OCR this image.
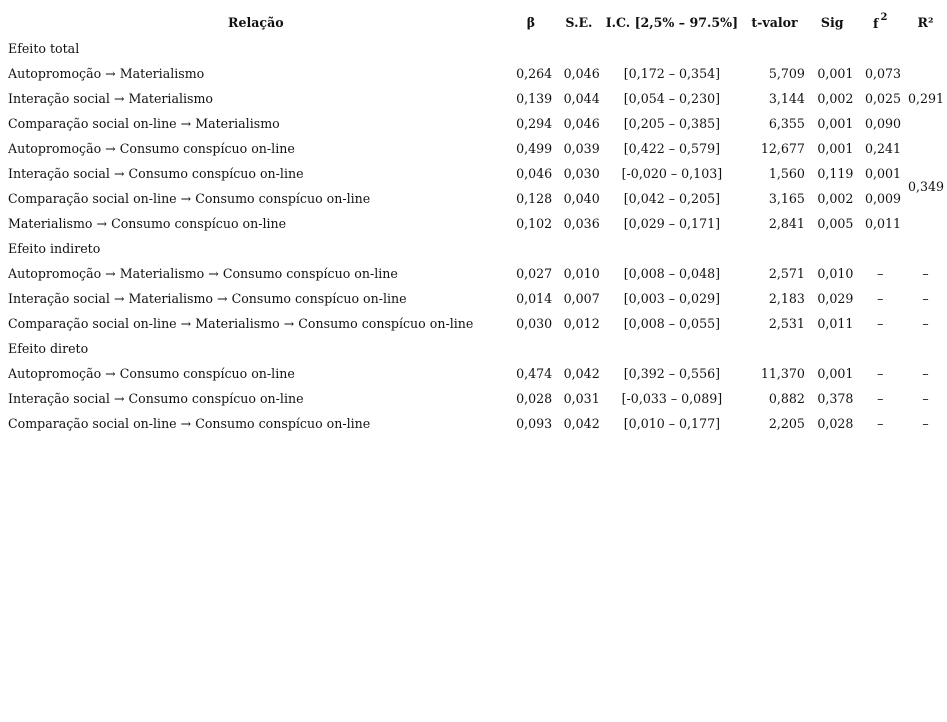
Relação	β	S.E.	I.C. [2,5% – 97.5%]	t-valor	Sig	f $^2$	R²
Efeito total							
Autopromoção → Materialismo	0,264	0,046	[0,172 – 0,354]	5,709	0,001	0,073	0,291
Interação social → Materialismo	0,139	0,044	[0,054 – 0,230]	3,144	0,002	0,025	
Comparação social on-line → Materialismo	0,294	0,046	[0,205 – 0,385]	6,355	0,001	0,090	
Autopromoção → Consumo conspícuo on-line	0,499	0,039	[0,422 – 0,579]	12,677	0,001	0,241	0,349
Interação social → Consumo conspícuo on-line	0,046	0,030	[-0,020 – 0,103]	1,560	0,119	0,001	
Comparação social on-line → Consumo conspícuo on-line	0,128	0,040	[0,042 – 0,205]	3,165	0,002	0,009	
Materialismo → Consumo conspícuo on-line	0,102	0,036	[0,029 – 0,171]	2,841	0,005	0,011	
Efeito indireto							
Autopromoção → Materialismo → Consumo conspícuo on-line	0,027	0,010	[0,008 – 0,048]	2,571	0,010	–	–
Interação social → Materialismo → Consumo conspícuo on-line	0,014	0,007	[0,003 – 0,029]	2,183	0,029	–	–
Comparação social on-line → Materialismo → Consumo conspícuo on-line	0,030	0,012	[0,008 – 0,055]	2,531	0,011	–	–
Efeito direto							
Autopromoção → Consumo conspícuo on-line	0,474	0,042	[0,392 – 0,556]	11,370	0,001	–	–
Interação social → Consumo conspícuo on-line	0,028	0,031	[-0,033 – 0,089]	0,882	0,378	–	–
Comparação social on-line → Consumo conspícuo on-line	0,093	0,042	[0,010 – 0,177]	2,205	0,028	–	–
